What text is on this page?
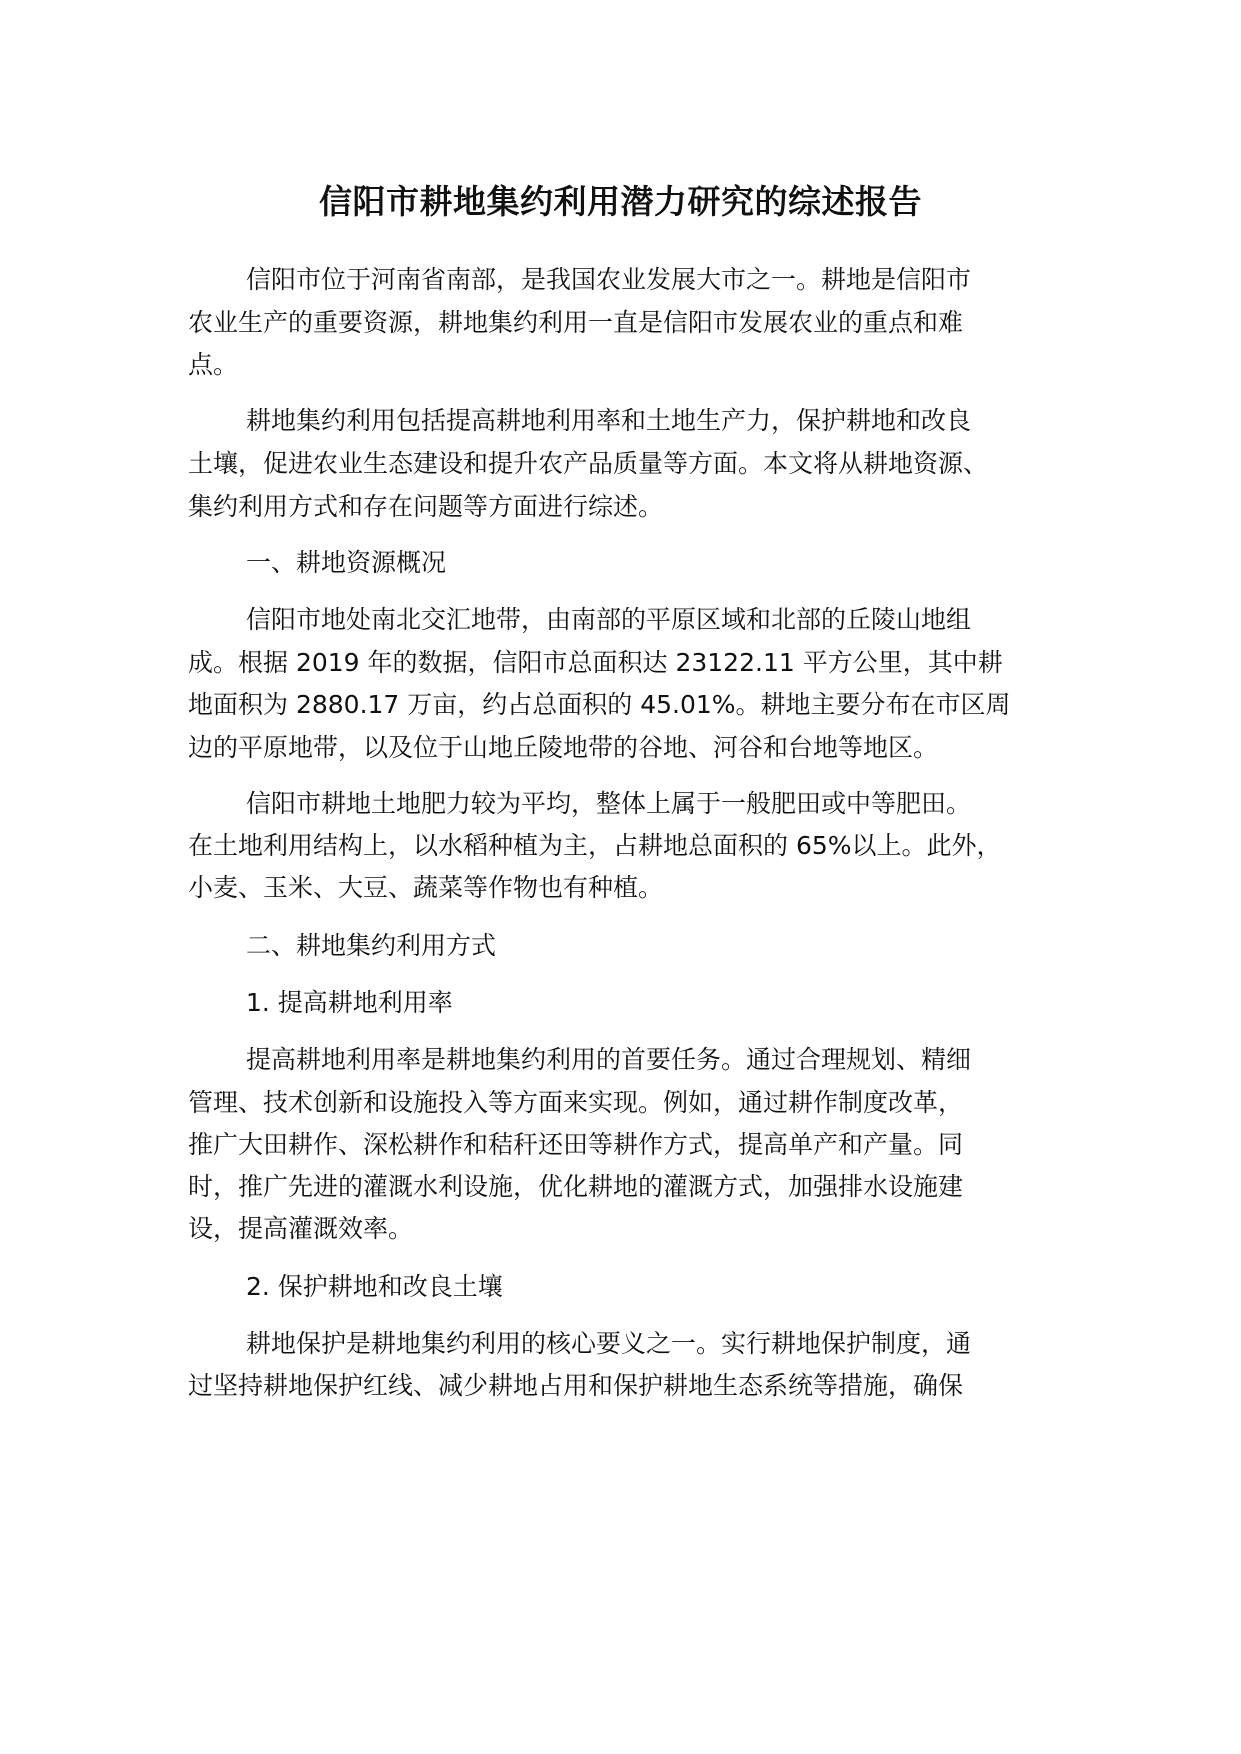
信阳市耕地集约利用潜力研究的综述报告

信阳市位于河南省南部，是我国农业发展大市之一。耕地是信阳市

农业生产的重要资源，耕地集约利用一直是信阳市发展农业的重点和难

点。

耕地集约利用包括提高耕地利用率和土地生产力，保护耕地和改良

土壤，促进农业生态建设和提升农产品质量等方面。本文将从耕地资源、

集约利用方式和存在问题等方面进行综述。

一、耕地资源概况

信阳市地处南北交汇地带，由南部的平原区域和北部的丘陵山地组

成。根据 2019 年的数据，信阳市总面积达 23122.11 平方公里，其中耕

地面积为 2880.17 万亩，约占总面积的 45.01%。耕地主要分布在市区周

边的平原地带，以及位于山地丘陵地带的谷地、河谷和台地等地区。

信阳市耕地土地肥力较为平均，整体上属于一般肥田或中等肥田。

在土地利用结构上，以水稻种植为主，占耕地总面积的 65%以上。此外，

小麦、玉米、大豆、蔬菜等作物也有种植。

二、耕地集约利用方式

1. 提高耕地利用率

提高耕地利用率是耕地集约利用的首要任务。通过合理规划、精细

管理、技术创新和设施投入等方面来实现。例如，通过耕作制度改革，

推广大田耕作、深松耕作和秸秆还田等耕作方式，提高单产和产量。同

时，推广先进的灌溉水利设施，优化耕地的灌溉方式，加强排水设施建

设，提高灌溉效率。

2. 保护耕地和改良土壤

耕地保护是耕地集约利用的核心要义之一。实行耕地保护制度，通

过坚持耕地保护红线、减少耕地占用和保护耕地生态系统等措施，确保
